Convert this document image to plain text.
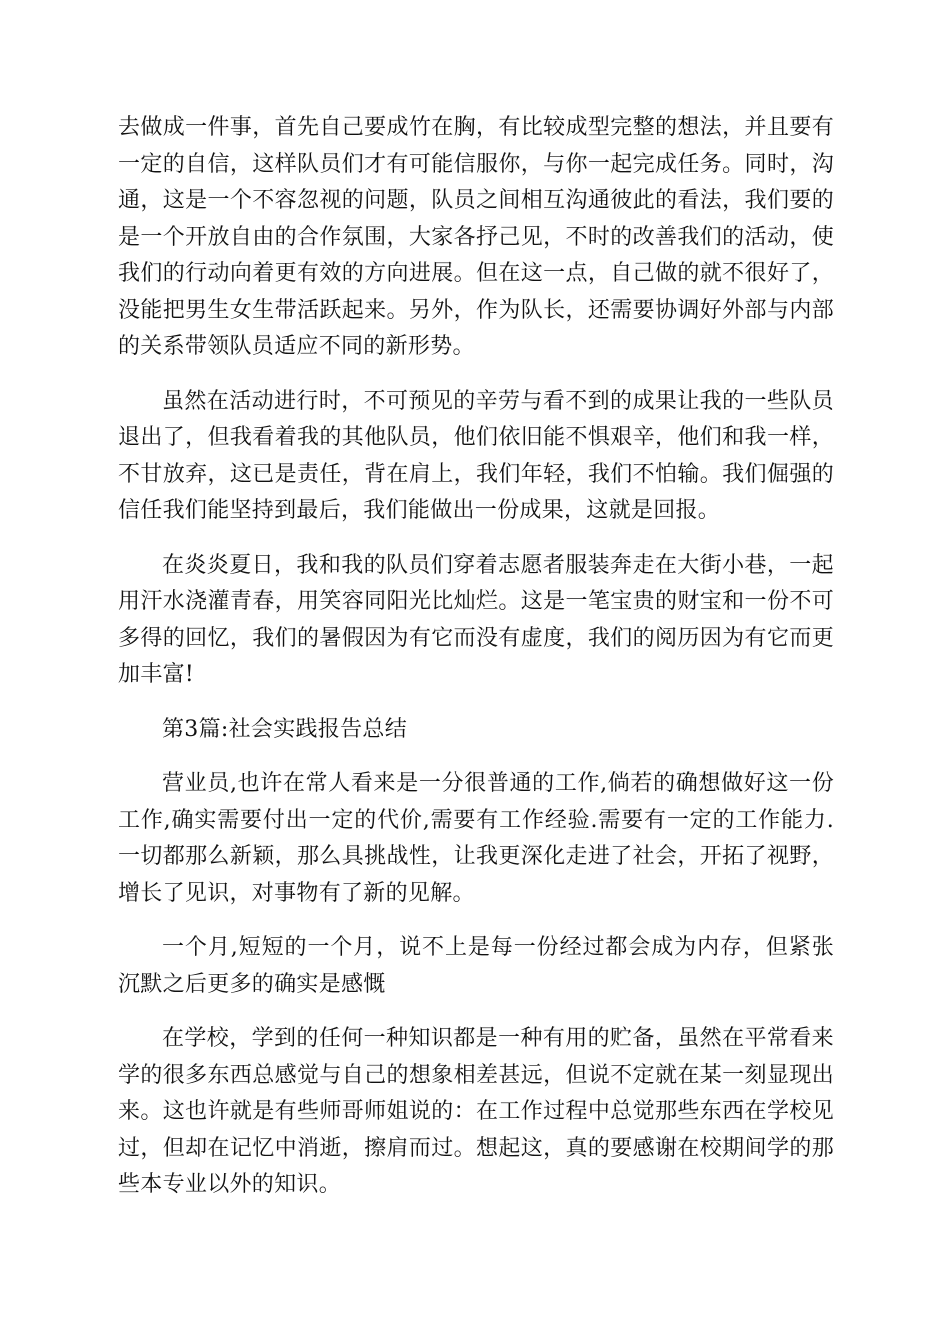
去做成一件事，首先自己要成竹在胸，有比较成型完整的想法，并且要有一定的自信，这样队员们才有可能信服你，与你一起完成任务。同时，沟通，这是一个不容忽视的问题，队员之间相互沟通彼此的看法，我们要的是一个开放自由的合作氛围，大家各抒己见，不时的改善我们的活动，使我们的行动向着更有效的方向进展。但在这一点，自己做的就不很好了，没能把男生女生带活跃起来。另外，作为队长，还需要协调好外部与内部的关系带领队员适应不同的新形势。

虽然在活动进行时，不可预见的辛劳与看不到的成果让我的一些队员退出了，但我看着我的其他队员，他们依旧能不惧艰辛，他们和我一样，不甘放弃，这已是责任，背在肩上，我们年轻，我们不怕输。我们倔强的信任我们能坚持到最后，我们能做出一份成果，这就是回报。

在炎炎夏日，我和我的队员们穿着志愿者服装奔走在大街小巷，一起用汗水浇灌青春，用笑容同阳光比灿烂。这是一笔宝贵的财宝和一份不可多得的回忆，我们的暑假因为有它而没有虚度，我们的阅历因为有它而更加丰富!

第3篇:社会实践报告总结

营业员,也许在常人看来是一分很普通的工作,倘若的确想做好这一份工作,确实需要付出一定的代价,需要有工作经验.需要有一定的工作能力.一切都那么新颖，那么具挑战性，让我更深化走进了社会，开拓了视野，增长了见识，对事物有了新的见解。

一个月,短短的一个月，说不上是每一份经过都会成为内存，但紧张沉默之后更多的确实是感慨

在学校，学到的任何一种知识都是一种有用的贮备，虽然在平常看来学的很多东西总感觉与自己的想象相差甚远，但说不定就在某一刻显现出来。这也许就是有些师哥师姐说的：在工作过程中总觉那些东西在学校见过，但却在记忆中消逝，擦肩而过。想起这，真的要感谢在校期间学的那些本专业以外的知识。
